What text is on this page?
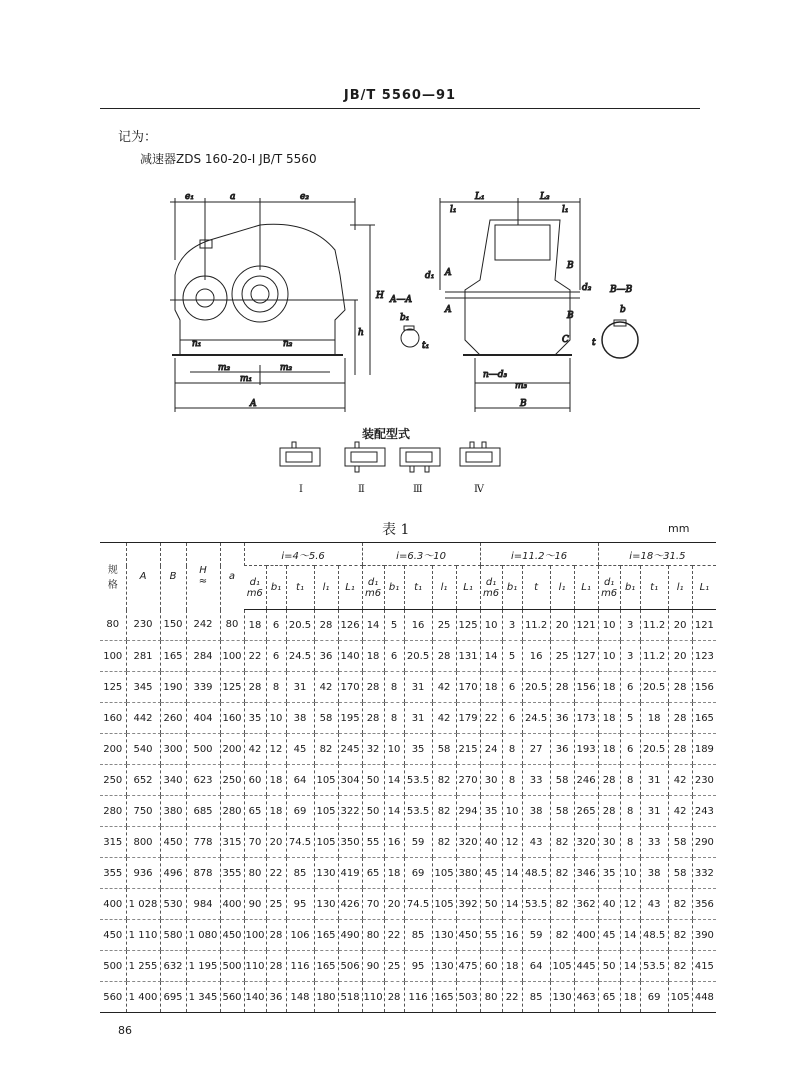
JB/T 5560—91
记为：
减速器ZDS 160-20-Ⅰ JB/T 5560
e₁	a	e₂
H
h
n₁	n₂
m₂	m₂
m₁
A
L₁	L₂
l₁	l₁
d₁
d₂
A
A
B
B
C
n—d₃
m₃
B
A—A
b₁
t₁
B—B
b
t
装配型式
Ⅰ	Ⅱ	Ⅲ	Ⅳ
表 1	mm
规
格	A	B	H
≈	a	i=4～5.6					i=6.3～10					i=11.2～16					i=18～31.5				
					d₁ m6	b₁	t₁	l₁	L₁	d₁ m6	b₁	t₁	l₁	L₁	d₁ m6	b₁	t	l₁	L₁	d₁ m6	b₁	t₁	l₁	L₁
80	230	150	242	80	18	6	20.5	28	126	14	5	16	25	125	10	3	11.2	20	121	10	3	11.2	20	121
100	281	165	284	100	22	6	24.5	36	140	18	6	20.5	28	131	14	5	16	25	127	10	3	11.2	20	123
125	345	190	339	125	28	8	31	42	170	28	8	31	42	170	18	6	20.5	28	156	18	6	20.5	28	156
160	442	260	404	160	35	10	38	58	195	28	8	31	42	179	22	6	24.5	36	173	18	5	18	28	165
200	540	300	500	200	42	12	45	82	245	32	10	35	58	215	24	8	27	36	193	18	6	20.5	28	189
250	652	340	623	250	60	18	64	105	304	50	14	53.5	82	270	30	8	33	58	246	28	8	31	42	230
280	750	380	685	280	65	18	69	105	322	50	14	53.5	82	294	35	10	38	58	265	28	8	31	42	243
315	800	450	778	315	70	20	74.5	105	350	55	16	59	82	320	40	12	43	82	320	30	8	33	58	290
355	936	496	878	355	80	22	85	130	419	65	18	69	105	380	45	14	48.5	82	346	35	10	38	58	332
400	1 028	530	984	400	90	25	95	130	426	70	20	74.5	105	392	50	14	53.5	82	362	40	12	43	82	356
450	1 110	580	1 080	450	100	28	106	165	490	80	22	85	130	450	55	16	59	82	400	45	14	48.5	82	390
500	1 255	632	1 195	500	110	28	116	165	506	90	25	95	130	475	60	18	64	105	445	50	14	53.5	82	415
560	1 400	695	1 345	560	140	36	148	180	518	110	28	116	165	503	80	22	85	130	463	65	18	69	105	448
86
